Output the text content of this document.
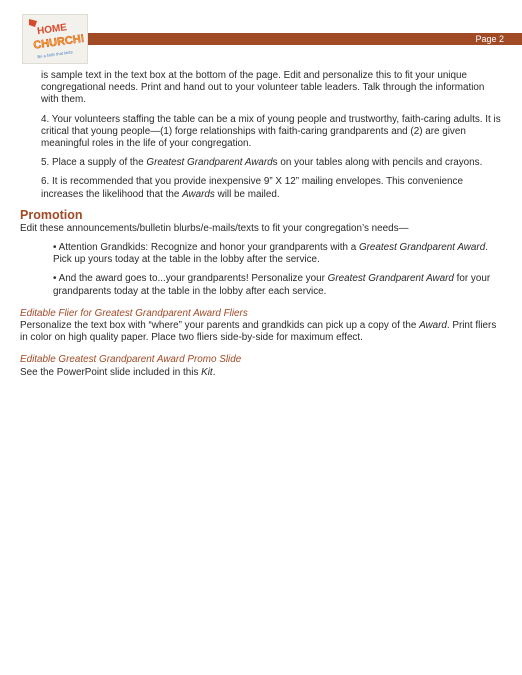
Page 2
HOME
CHURCH!
Be a faith that lasts

is sample text in the text box at the bottom of the page. Edit and personalize this to fit your unique congregational needs. Print and hand out to your volunteer table leaders. Talk through the information with them.

4. Your volunteers staffing the table can be a mix of young people and trustworthy, faith-caring adults. It is critical that young people—(1) forge relationships with faith-caring grandparents and (2) are given meaningful roles in the life of your congregation.

5. Place a supply of the Greatest Grandparent Awards on your tables along with pencils and crayons.

6. It is recommended that you provide inexpensive 9” X 12” mailing envelopes. This convenience increases the likelihood that the Awards will be mailed.

Promotion

Edit these announcements/bulletin blurbs/e-mails/texts to fit your congregation’s needs—

• Attention Grandkids: Recognize and honor your grandparents with a Greatest Grandparent Award. Pick up yours today at the table in the lobby after the service.

• And the award goes to...your grandparents! Personalize your Greatest Grandparent Award for your grandparents today at the table in the lobby after each service.

Editable Flier for Greatest Grandparent Award Fliers

Personalize the text box with “where” your parents and grandkids can pick up a copy of the Award. Print fliers in color on high quality paper. Place two fliers side-by-side for maximum effect.

Editable Greatest Grandparent Award Promo Slide

See the PowerPoint slide included in this Kit.
